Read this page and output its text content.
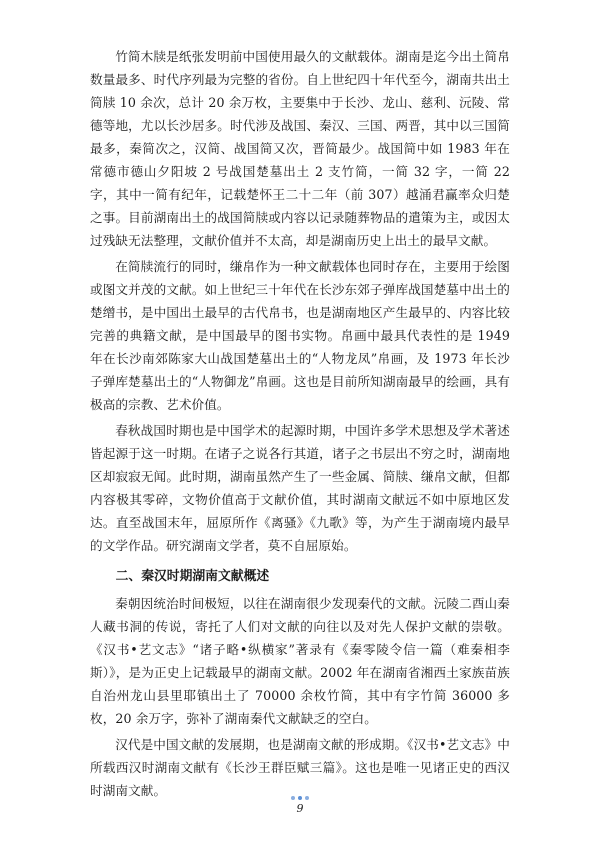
竹简木牍是纸张发明前中国使用最久的文献载体。湖南是迄今出土简帛数量最多、时代序列最为完整的省份。自上世纪四十年代至今，湖南共出土简牍 10 余次，总计 20 余万枚，主要集中于长沙、龙山、慈利、沅陵、常德等地，尤以长沙居多。时代涉及战国、秦汉、三国、两晋，其中以三国简最多，秦简次之，汉简、战国简又次，晋简最少。战国简中如 1983 年在常德市德山夕阳坡 2 号战国楚墓出土 2 支竹简，一简 32 字，一简 22 字，其中一简有纪年，记载楚怀王二十二年（前 307）越涌君赢率众归楚之事。目前湖南出土的战国简牍或内容以记录随葬物品的遣策为主，或因太过残缺无法整理，文献价值并不太高，却是湖南历史上出土的最早文献。

在简牍流行的同时，缣帛作为一种文献载体也同时存在，主要用于绘图或图文并茂的文献。如上世纪三十年代在长沙东郊子弹库战国楚墓中出土的楚缯书，是中国出土最早的古代帛书，也是湖南地区产生最早的、内容比较完善的典籍文献，是中国最早的图书实物。帛画中最具代表性的是 1949 年在长沙南郊陈家大山战国楚墓出土的“人物龙凤”帛画，及 1973 年长沙子弹库楚墓出土的“人物御龙”帛画。这也是目前所知湖南最早的绘画，具有极高的宗教、艺术价值。

春秋战国时期也是中国学术的起源时期，中国许多学术思想及学术著述皆起源于这一时期。在诸子之说各行其道，诸子之书层出不穷之时，湖南地区却寂寂无闻。此时期，湖南虽然产生了一些金属、简牍、缣帛文献，但都内容极其零碎，文物价值高于文献价值，其时湖南文献远不如中原地区发达。直至战国末年，屈原所作《离骚》《九歌》等，为产生于湖南境内最早的文学作品。研究湖南文学者，莫不自屈原始。

二、秦汉时期湖南文献概述

秦朝因统治时间极短，以往在湖南很少发现秦代的文献。沅陵二酉山秦人藏书洞的传说，寄托了人们对文献的向往以及对先人保护文献的崇敬。《汉书•艺文志》“诸子略•纵横家”著录有《秦零陵令信一篇（难秦相李斯）》，是为正史上记载最早的湖南文献。2002 年在湖南省湘西土家族苗族自治州龙山县里耶镇出土了 70000 余枚竹简，其中有字竹简 36000 多枚，20 余万字，弥补了湖南秦代文献缺乏的空白。

汉代是中国文献的发展期，也是湖南文献的形成期。《汉书•艺文志》中所载西汉时湖南文献有《长沙王群臣赋三篇》。这也是唯一见诸正史的西汉时湖南文献。

9
